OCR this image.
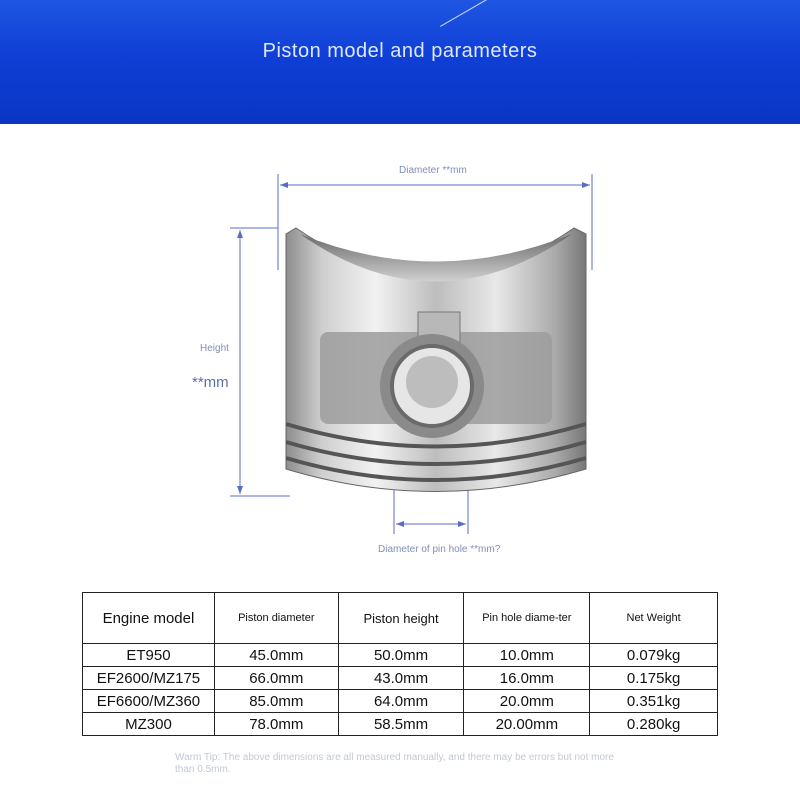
Piston model and parameters
Diameter **mm
Height
**mm
Diameter of pin hole **mm?
Engine model	Piston diameter	Piston height	Pin hole diame-ter	Net Weight
ET950	45.0mm	50.0mm	10.0mm	0.079kg
EF2600/MZ175	66.0mm	43.0mm	16.0mm	0.175kg
EF6600/MZ360	85.0mm	64.0mm	20.0mm	0.351kg
MZ300	78.0mm	58.5mm	20.00mm	0.280kg
Warm Tip: The above dimensions are all measured manually, and there may be errors but not more than 0.5mm.
